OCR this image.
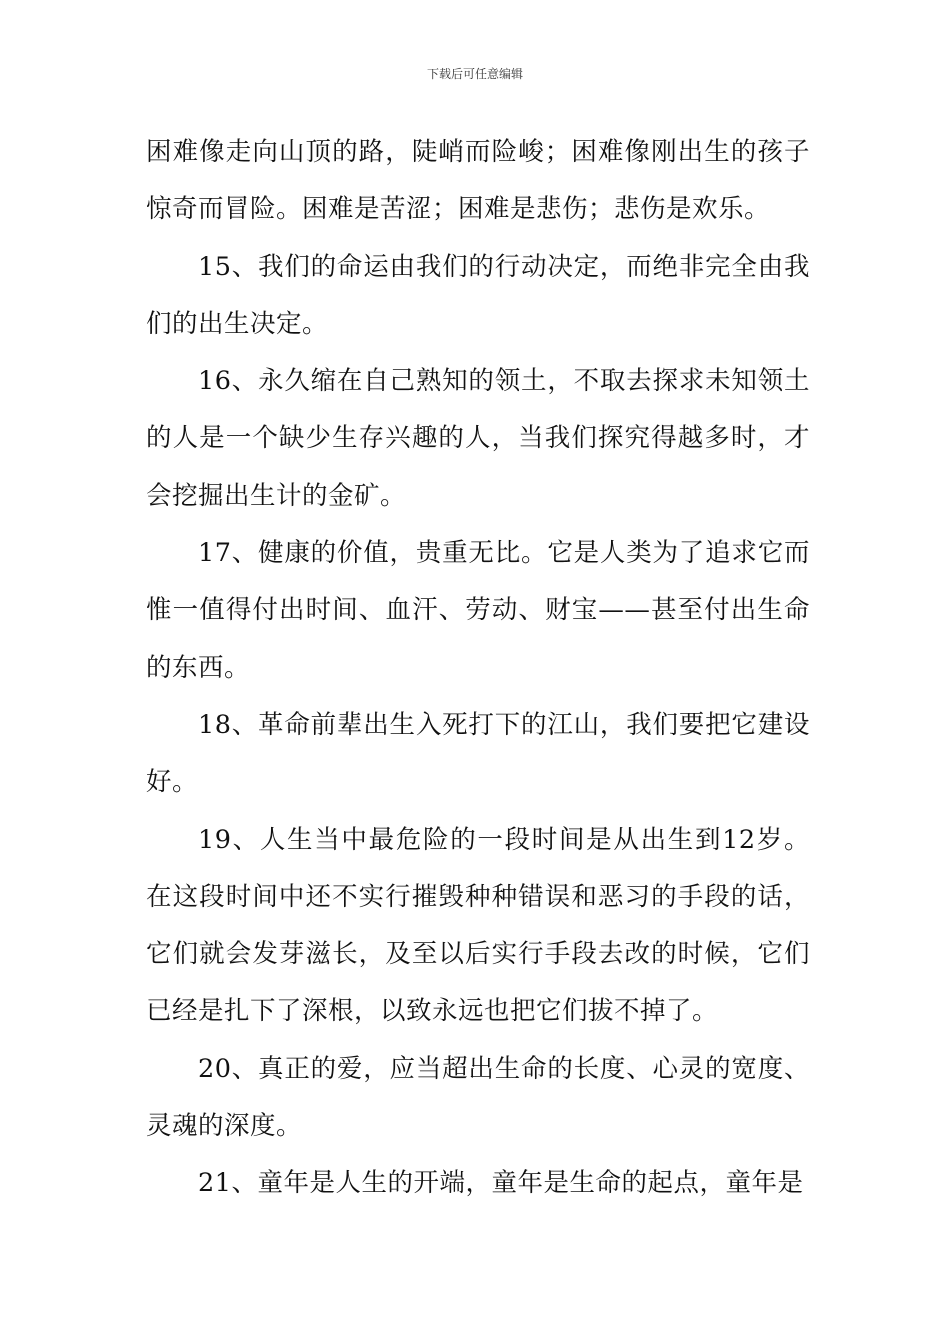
下载后可任意编辑

困难像走向山顶的路，陡峭而险峻；困难像刚出生的孩子惊奇而冒险。困难是苦涩；困难是悲伤；悲伤是欢乐。

15、我们的命运由我们的行动决定，而绝非完全由我们的出生决定。

16、永久缩在自己熟知的领土，不取去探求未知领土的人是一个缺少生存兴趣的人，当我们探究得越多时，才会挖掘出生计的金矿。

17、健康的价值，贵重无比。它是人类为了追求它而惟一值得付出时间、血汗、劳动、财宝——甚至付出生命的东西。

18、革命前辈出生入死打下的江山，我们要把它建设好。

19、人生当中最危险的一段时间是从出生到12岁。在这段时间中还不实行摧毁种种错误和恶习的手段的话，它们就会发芽滋长，及至以后实行手段去改的时候，它们已经是扎下了深根，以致永远也把它们拔不掉了。

20、真正的爱，应当超出生命的长度、心灵的宽度、灵魂的深度。

21、童年是人生的开端，童年是生命的起点，童年是
